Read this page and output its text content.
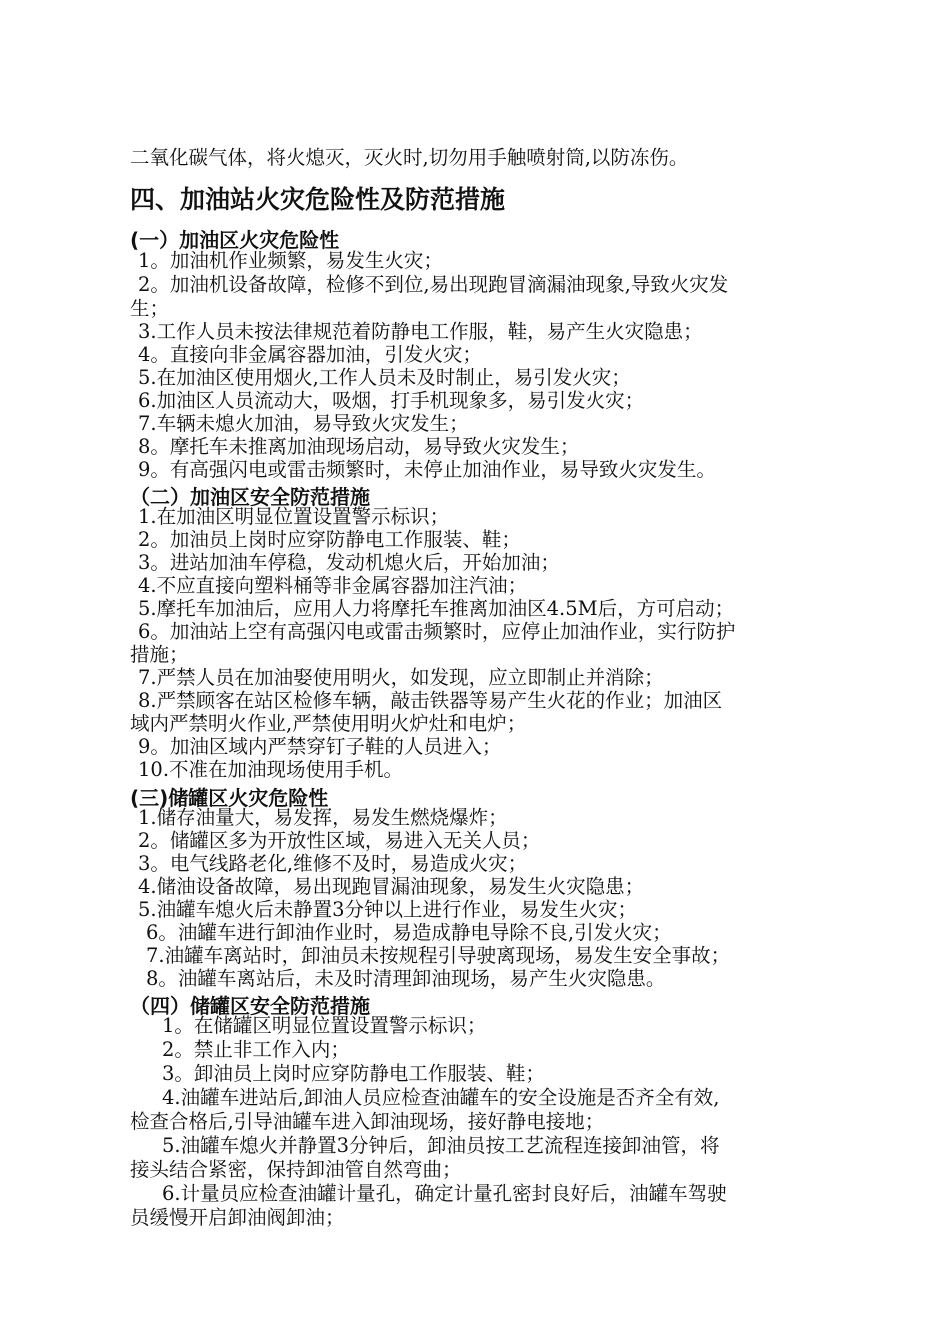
二氧化碳气体，将火熄灭，灭火时,切勿用手触喷射筒,以防冻伤。
四、加油站火灾危险性及防范措施
(一）加油区火灾危险性
1。加油机作业频繁，易发生火灾；
2。加油机设备故障，检修不到位,易出现跑冒滴漏油现象,导致火灾发
生；
3.工作人员未按法律规范着防静电工作服，鞋，易产生火灾隐患；
4。直接向非金属容器加油，引发火灾；
5.在加油区使用烟火,工作人员未及时制止，易引发火灾；
6.加油区人员流动大，吸烟，打手机现象多，易引发火灾；
7.车辆未熄火加油，易导致火灾发生；
8。摩托车未推离加油现场启动，易导致火灾发生；
9。有高强闪电或雷击频繁时，未停止加油作业，易导致火灾发生。
（二）加油区安全防范措施
1.在加油区明显位置设置警示标识；
2。加油员上岗时应穿防静电工作服装、鞋；
3。进站加油车停稳，发动机熄火后，开始加油；
4.不应直接向塑料桶等非金属容器加注汽油；
5.摩托车加油后，应用人力将摩托车推离加油区4.5M后，方可启动；
6。加油站上空有高强闪电或雷击频繁时，应停止加油作业，实行防护
措施；
7.严禁人员在加油娶使用明火，如发现，应立即制止并消除；
8.严禁顾客在站区检修车辆，敲击铁器等易产生火花的作业；加油区
域内严禁明火作业,严禁使用明火炉灶和电炉；
9。加油区域内严禁穿钉子鞋的人员进入；
10.不准在加油现场使用手机。
(三)储罐区火灾危险性
1.储存油量大，易发挥，易发生燃烧爆炸；
2。储罐区多为开放性区域，易进入无关人员；
3。电气线路老化,维修不及时，易造成火灾；
4.储油设备故障，易出现跑冒漏油现象，易发生火灾隐患；
5.油罐车熄火后未静置3分钟以上进行作业，易发生火灾；
6。油罐车进行卸油作业时，易造成静电导除不良,引发火灾；
7.油罐车离站时，卸油员未按规程引导驶离现场，易发生安全事故；
8。油罐车离站后，未及时清理卸油现场，易产生火灾隐患。
（四）储罐区安全防范措施
1。在储罐区明显位置设置警示标识；
2。禁止非工作入内；
3。卸油员上岗时应穿防静电工作服装、鞋；
4.油罐车进站后,卸油人员应检查油罐车的安全设施是否齐全有效,
检查合格后,引导油罐车进入卸油现场，接好静电接地；
5.油罐车熄火并静置3分钟后，卸油员按工艺流程连接卸油管，将
接头结合紧密，保持卸油管自然弯曲；
6.计量员应检查油罐计量孔，确定计量孔密封良好后，油罐车驾驶
员缓慢开启卸油阀卸油；
